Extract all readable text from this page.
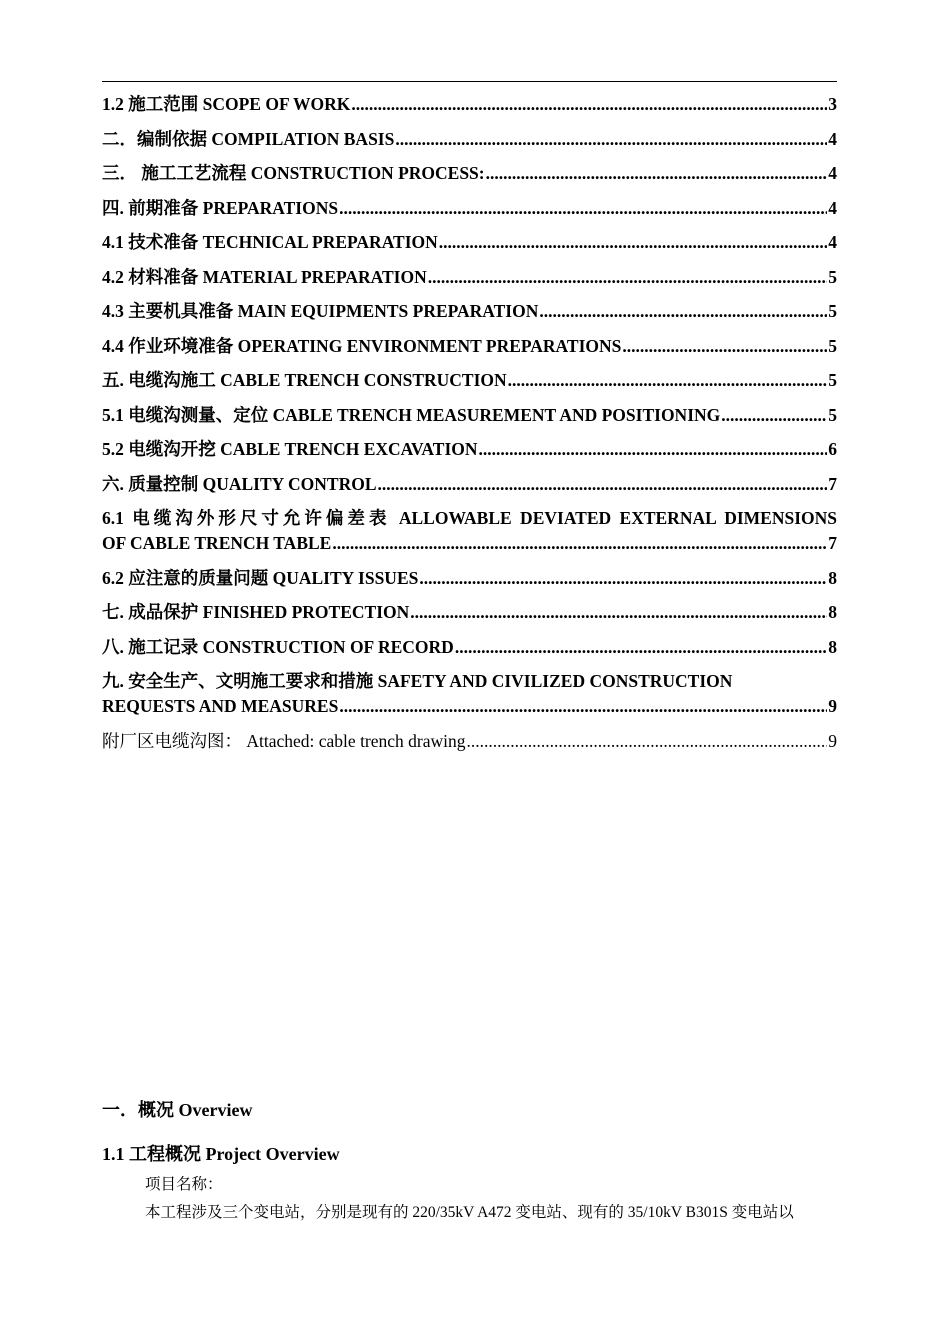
1.2 施工范围 SCOPE OF WORK .....	3
二．编制依据 COMPILATION BASIS .....	4
三． 施工工艺流程 CONSTRUCTION PROCESS: .....	4
四. 前期准备 PREPARATIONS .....	4
4.1 技术准备 TECHNICAL PREPARATION .....	4
4.2 材料准备 MATERIAL PREPARATION .....	5
4.3 主要机具准备 MAIN EQUIPMENTS PREPARATION .....	5
4.4 作业环境准备 OPERATING ENVIRONMENT PREPARATIONS .....	5
五. 电缆沟施工 CABLE TRENCH CONSTRUCTION .....	5
5.1 电缆沟测量、定位 CABLE TRENCH MEASUREMENT AND POSITIONING .....	5
5.2 电缆沟开挖 CABLE TRENCH EXCAVATION .....	6
六. 质量控制 QUALITY CONTROL .....	7
6.1 电缆沟外形尺寸允许偏差表 ALLOWABLE DEVIATED EXTERNAL DIMENSIONS
OF CABLE TRENCH TABLE .....	7
6.2 应注意的质量问题 QUALITY ISSUES .....	8
七. 成品保护 FINISHED PROTECTION .....	8
八. 施工记录 CONSTRUCTION OF RECORD .....	8
九. 安全生产、文明施工要求和措施 SAFETY AND CIVILIZED CONSTRUCTION
REQUESTS AND MEASURES .....	9
附厂区电缆沟图： Attached: cable trench drawing .....	9
一．概况 Overview
1.1 工程概况 Project Overview
项目名称：
本工程涉及三个变电站，分别是现有的 220/35kV A472 变电站、现有的 35/10kV B301S 变电站以
